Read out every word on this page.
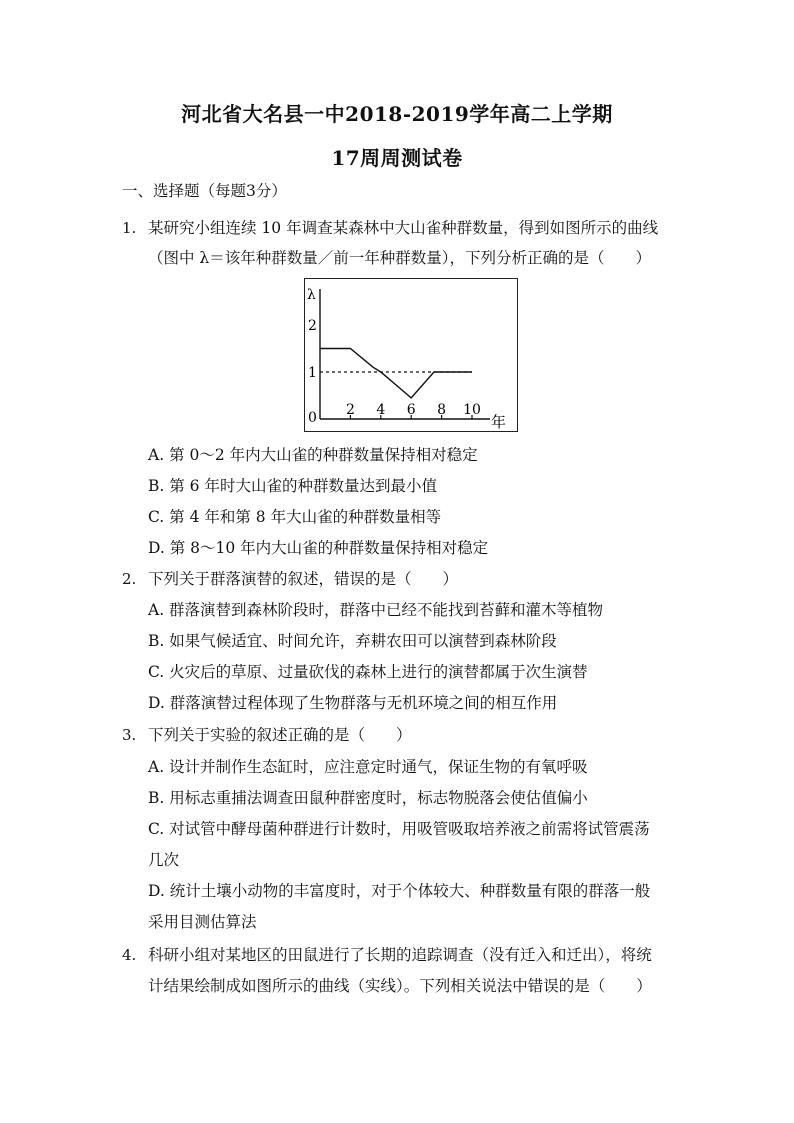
河北省大名县一中2018-2019学年高二上学期
17周周测试卷
一、选择题（每题3分）
1. 某研究小组连续 10 年调查某森林中大山雀种群数量，得到如图所示的曲线
（图中 λ＝该年种群数量／前一年种群数量），下列分析正确的是（　　）
λ
年
2 4 6 8 10
0
1
2
A. 第 0～2 年内大山雀的种群数量保持相对稳定
B. 第 6 年时大山雀的种群数量达到最小值
C. 第 4 年和第 8 年大山雀的种群数量相等
D. 第 8～10 年内大山雀的种群数量保持相对稳定
2. 下列关于群落演替的叙述，错误的是（　　）
A. 群落演替到森林阶段时，群落中已经不能找到苔藓和灌木等植物
B. 如果气候适宜、时间允许，弃耕农田可以演替到森林阶段
C. 火灾后的草原、过量砍伐的森林上进行的演替都属于次生演替
D. 群落演替过程体现了生物群落与无机环境之间的相互作用
3. 下列关于实验的叙述正确的是（　　）
A. 设计并制作生态缸时，应注意定时通气，保证生物的有氧呼吸
B. 用标志重捕法调查田鼠种群密度时，标志物脱落会使估值偏小
C. 对试管中酵母菌种群进行计数时，用吸管吸取培养液之前需将试管震荡
几次
D. 统计土壤小动物的丰富度时，对于个体较大、种群数量有限的群落一般
采用目测估算法
4. 科研小组对某地区的田鼠进行了长期的追踪调查（没有迁入和迁出），将统
计结果绘制成如图所示的曲线（实线）。下列相关说法中错误的是（　　）
